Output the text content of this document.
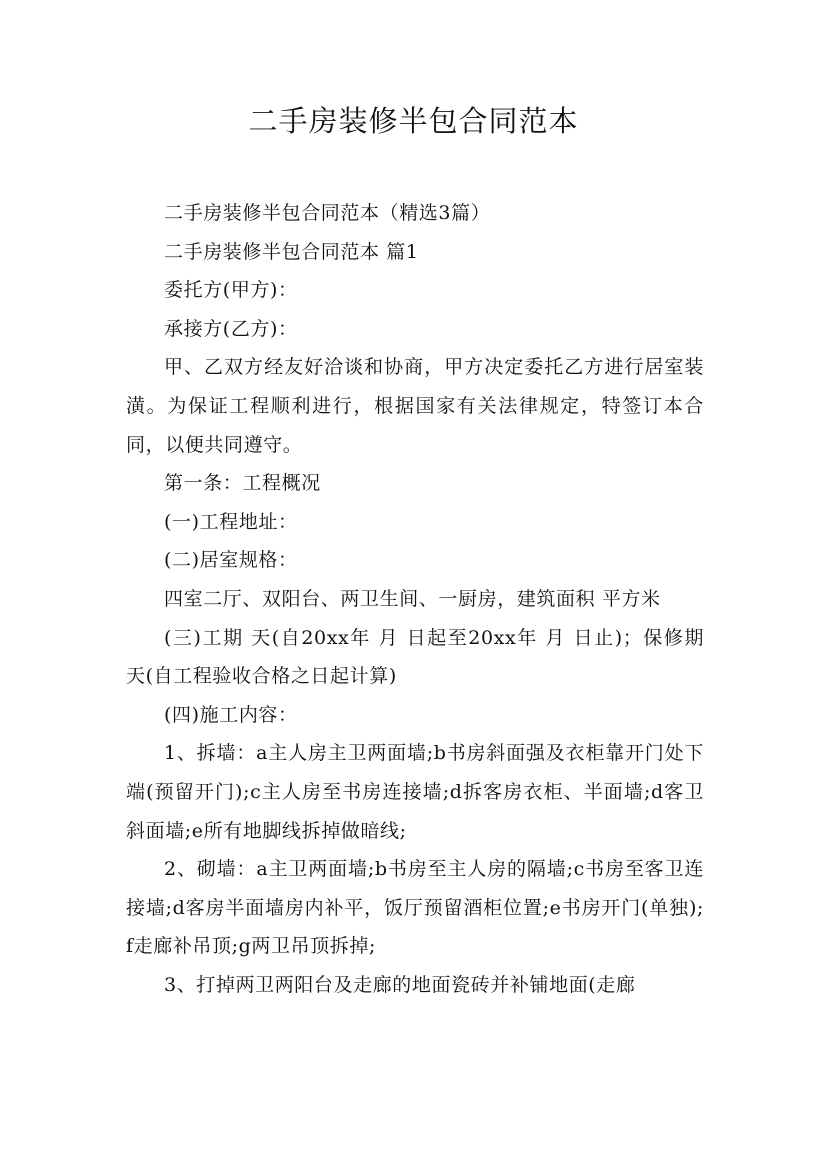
二手房装修半包合同范本

二手房装修半包合同范本（精选3篇）

二手房装修半包合同范本 篇1

委托方(甲方)：

承接方(乙方)：

甲、乙双方经友好洽谈和协商，甲方决定委托乙方进行居室装潢。为保证工程顺利进行，根据国家有关法律规定，特签订本合同，以便共同遵守。

第一条：工程概况

(一)工程地址：

(二)居室规格：

四室二厅、双阳台、两卫生间、一厨房，建筑面积 平方米

(三)工期 天(自20xx年 月 日起至20xx年 月 日止)；保修期 天(自工程验收合格之日起计算)

(四)施工内容：

1、拆墙：a主人房主卫两面墙;b书房斜面强及衣柜靠开门处下端(预留开门);c主人房至书房连接墙;d拆客房衣柜、半面墙;d客卫斜面墙;e所有地脚线拆掉做暗线;

2、砌墙：a主卫两面墙;b书房至主人房的隔墙;c书房至客卫连接墙;d客房半面墙房内补平，饭厅预留酒柜位置;e书房开门(单独);f走廊补吊顶;g两卫吊顶拆掉;

3、打掉两卫两阳台及走廊的地面瓷砖并补铺地面(走廊
